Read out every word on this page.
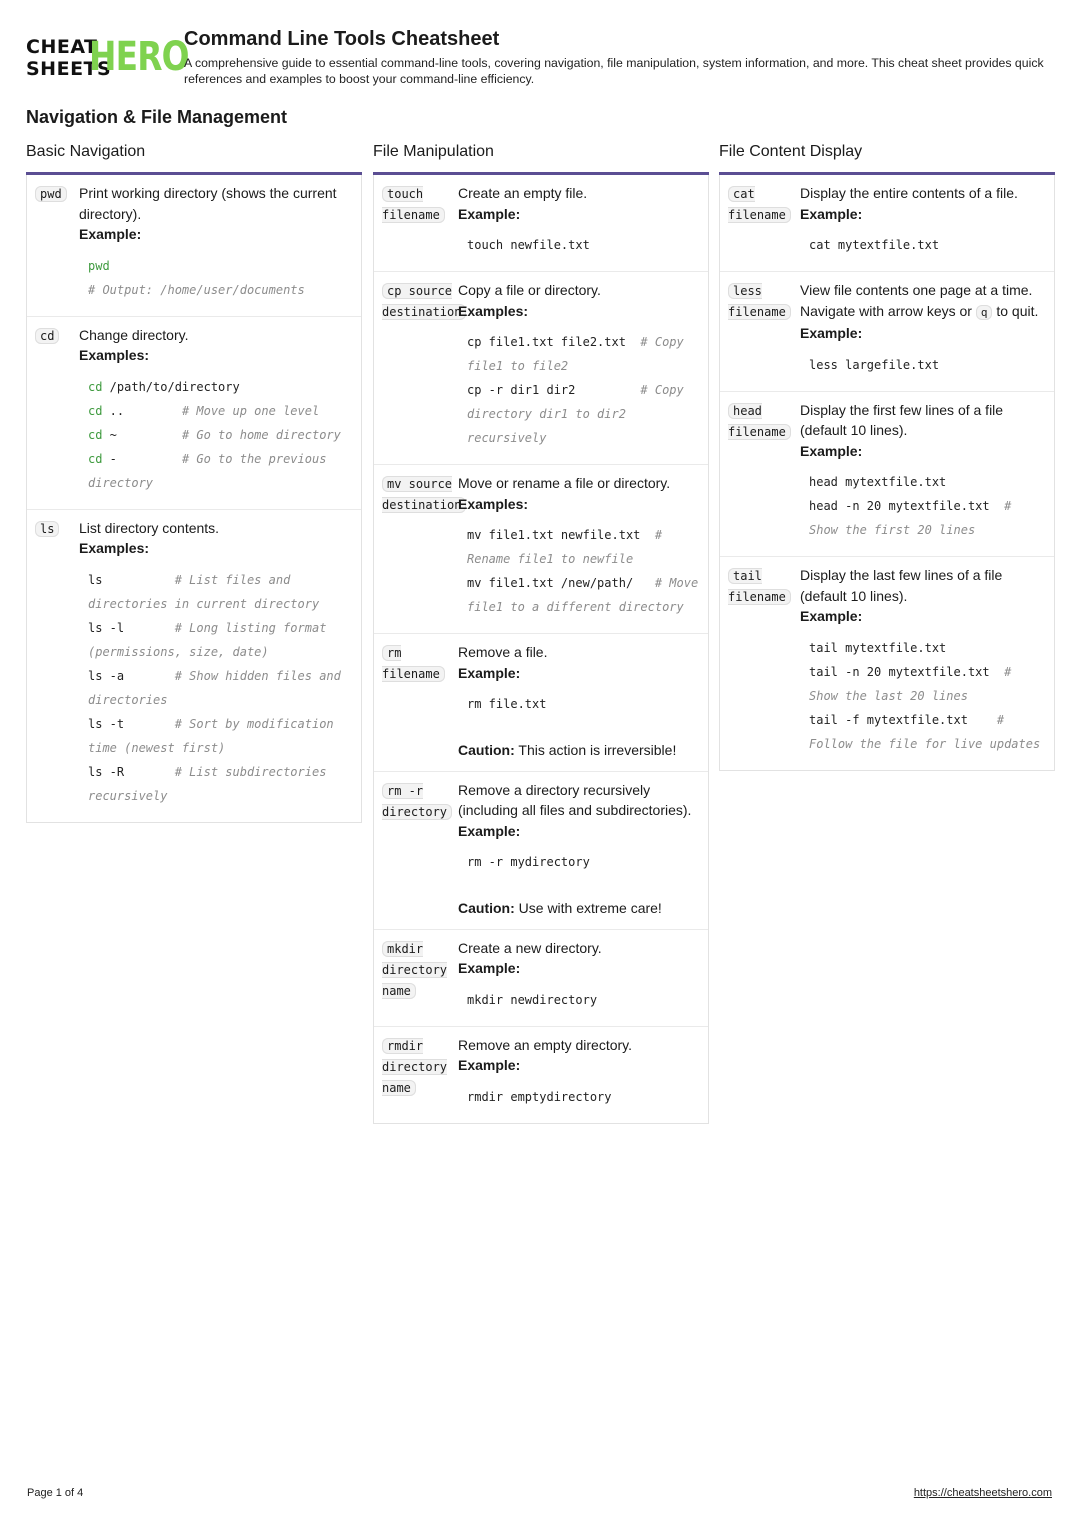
CHEAT
SHEETS
HERO
Command Line Tools Cheatsheet
A comprehensive guide to essential command-line tools, covering navigation, file manipulation, system information, and more. This cheat sheet provides quick references and examples to boost your command-line efficiency.
Navigation & File Management
Basic Navigation
pwd	Print working directory (shows the current directory).
Example:
pwd
# Output: /home/user/documents
cd	Change directory.
Examples:
cd /path/to/directory
cd ..        # Move up one level
cd ~         # Go to home directory
cd -         # Go to the previous directory
ls	List directory contents.
Examples:
ls          # List files and directories in current directory
ls -l       # Long listing format (permissions, size, date)
ls -a       # Show hidden files and directories
ls -t       # Sort by modification time (newest first)
ls -R       # List subdirectories recursively
File Manipulation
touch filename
Create an empty file.
Example:
touch newfile.txt
cp source destination
Copy a file or directory.
Examples:
cp file1.txt file2.txt  # Copy file1 to file2
cp -r dir1 dir2         # Copy directory dir1 to dir2 recursively
mv source destination
Move or rename a file or directory.
Examples:
mv file1.txt newfile.txt  # Rename file1 to newfile
mv file1.txt /new/path/   # Move file1 to a different directory
rm filename
Remove a file.
Example:
rm file.txt
Caution: This action is irreversible!
rm -r directory
Remove a directory recursively (including all files and subdirectories).
Example:
rm -r mydirectory
Caution: Use with extreme care!
mkdir directory name
Create a new directory.
Example:
mkdir newdirectory
rmdir directory name
Remove an empty directory.
Example:
rmdir emptydirectory
File Content Display
cat filename
Display the entire contents of a file.
Example:
cat mytextfile.txt
less filename
View file contents one page at a time. Navigate with arrow keys or q to quit.
Example:
less largefile.txt
head filename
Display the first few lines of a file (default 10 lines).
Example:
head mytextfile.txt
head -n 20 mytextfile.txt  # Show the first 20 lines
tail filename
Display the last few lines of a file (default 10 lines).
Example:
tail mytextfile.txt
tail -n 20 mytextfile.txt  # Show the last 20 lines
tail -f mytextfile.txt    # Follow the file for live updates
Page 1 of 4	https://cheatsheetshero.com
